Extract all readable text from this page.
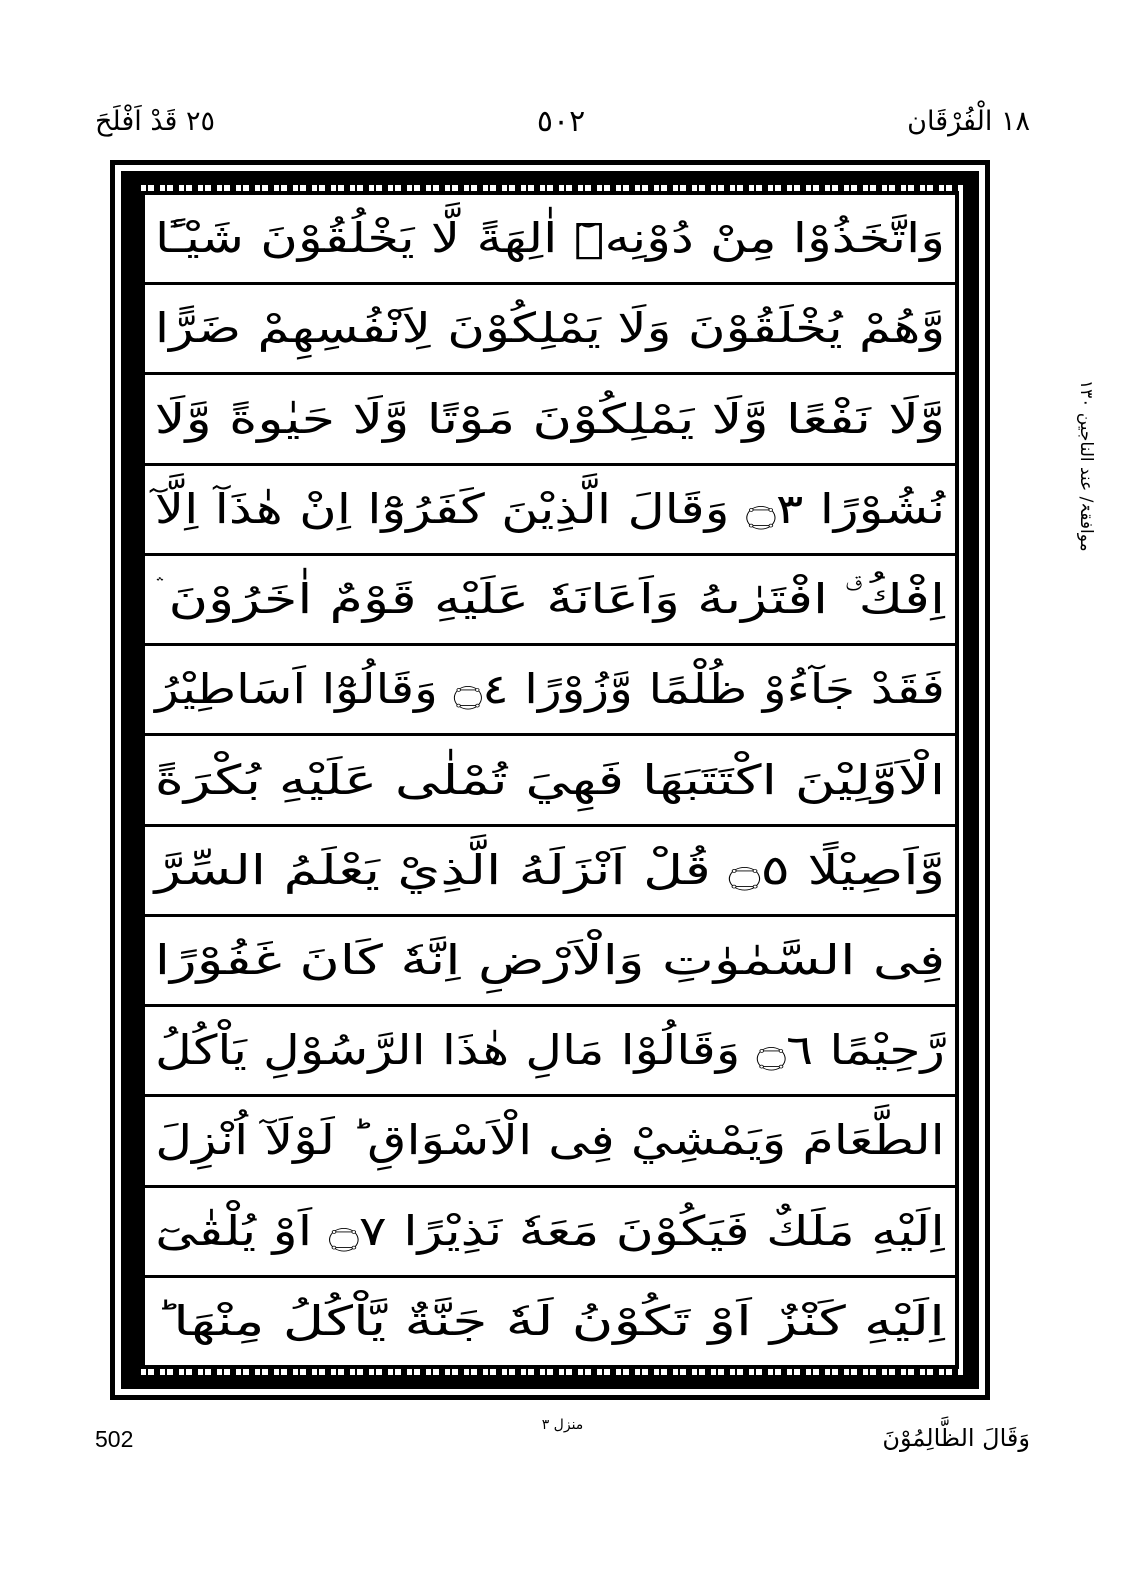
١٨ الْفُرْقَان
٥٠٢
٢٥ قَدْ اَفْلَحَ
وَاتَّخَذُوْا مِنْ دُوْنِهٖٓ اٰلِهَةً لَّا يَخْلُقُوْنَ شَيْـًٔا
وَّهُمْ يُخْلَقُوْنَ وَلَا يَمْلِكُوْنَ لِاَنْفُسِهِمْ ضَرًّا
وَّلَا نَفْعًا وَّلَا يَمْلِكُوْنَ مَوْتًا وَّلَا حَيٰوةً وَّلَا
نُشُوْرًا ۝٣ وَقَالَ الَّذِيْنَ كَفَرُوْٓا اِنْ هٰذَآ اِلَّآ
اِفْكُ ࣗ افْتَرٰىهُ وَاَعَانَهٗ عَلَيْهِ قَوْمٌ اٰخَرُوْنَ ۛ
فَقَدْ جَآءُوْ ظُلْمًا وَّزُوْرًا ۝٤ وَقَالُوْٓا اَسَاطِيْرُ
الْاَوَّلِيْنَ اكْتَتَبَهَا فَهِيَ تُمْلٰى عَلَيْهِ بُكْرَةً
وَّاَصِيْلًا ۝٥ قُلْ اَنْزَلَهُ الَّذِيْ يَعْلَمُ السِّرَّ
فِى السَّمٰوٰتِ وَالْاَرْضِ اِنَّهٗ كَانَ غَفُوْرًا
رَّحِيْمًا ۝٦ وَقَالُوْا مَالِ هٰذَا الرَّسُوْلِ يَاْكُلُ
الطَّعَامَ وَيَمْشِيْ فِى الْاَسْوَاقِ ؕ لَوْلَآ اُنْزِلَ
اِلَيْهِ مَلَكٌ فَيَكُوْنَ مَعَهٗ نَذِيْرًا ۝٧ اَوْ يُلْقٰىٓ
اِلَيْهِ كَنْزٌ اَوْ تَكُوْنُ لَهٗ جَنَّةٌ يَّاْكُلُ مِنْهَا ؕ
موافقۃ/ عند الناجين ١٣٠
وَقَالَ الظَّالِمُوْنَ
منزل ٣
502
